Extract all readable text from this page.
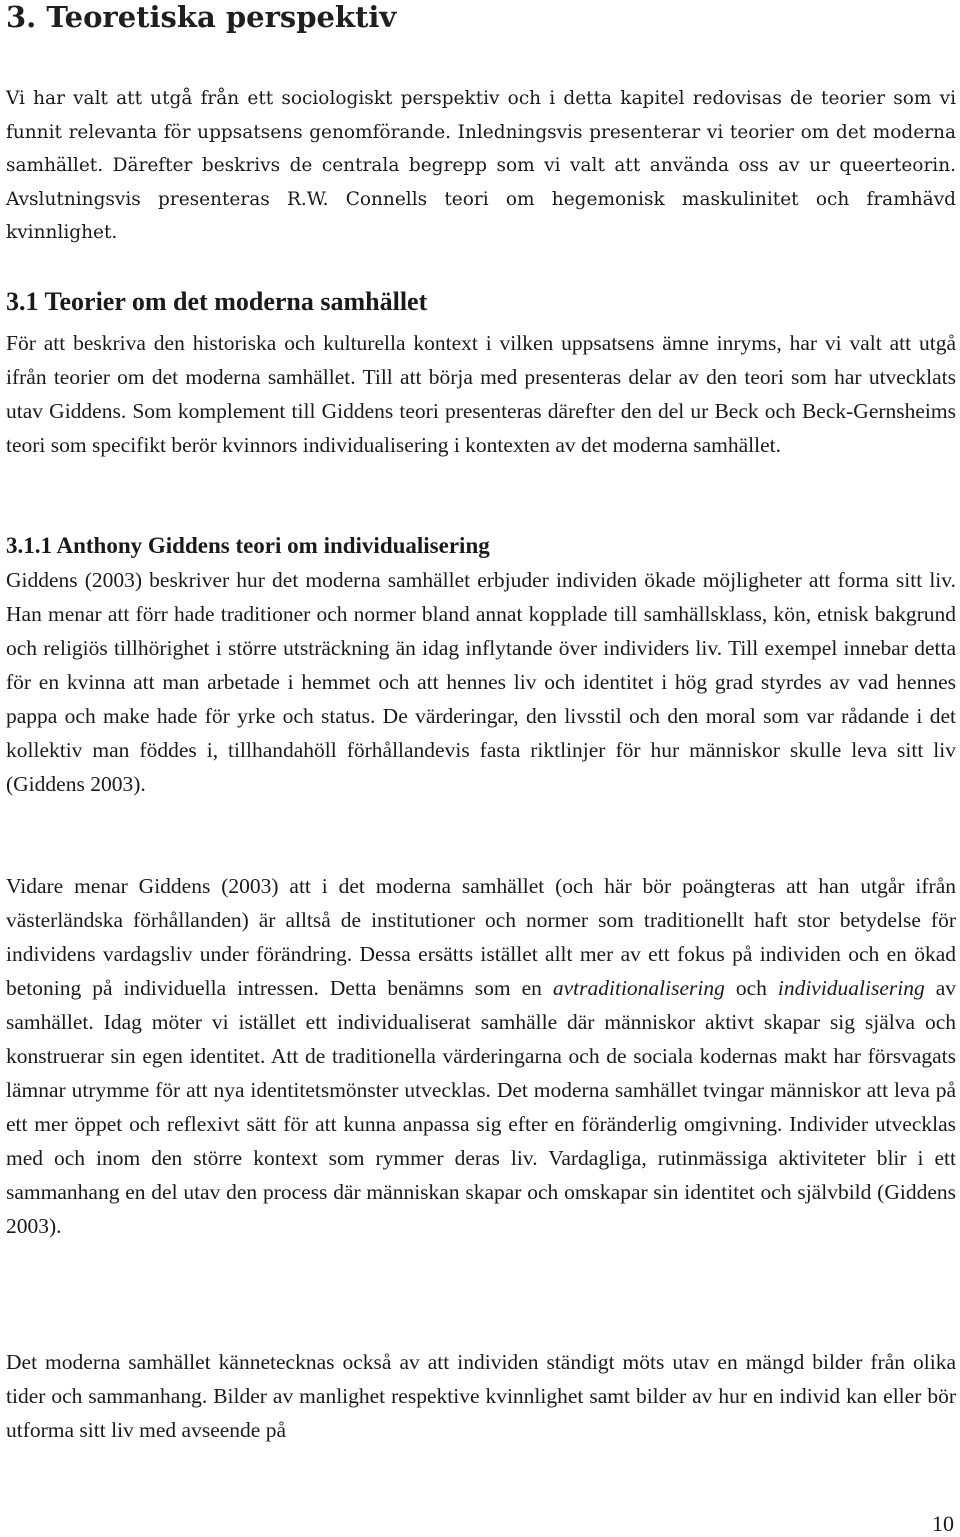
3. Teoretiska perspektiv

Vi har valt att utgå från ett sociologiskt perspektiv och i detta kapitel redovisas de teorier som vi funnit relevanta för uppsatsens genomförande. Inledningsvis presenterar vi teorier om det moderna samhället. Därefter beskrivs de centrala begrepp som vi valt att använda oss av ur queerteorin. Avslutningsvis presenteras R.W. Connells teori om hegemonisk maskulinitet och framhävd kvinnlighet.

3.1 Teorier om det moderna samhället

För att beskriva den historiska och kulturella kontext i vilken uppsatsens ämne inryms, har vi valt att utgå ifrån teorier om det moderna samhället. Till att börja med presenteras delar av den teori som har utvecklats utav Giddens. Som komplement till Giddens teori presenteras därefter den del ur Beck och Beck-Gernsheims teori som specifikt berör kvinnors individualisering i kontexten av det moderna samhället.

3.1.1 Anthony Giddens teori om individualisering

Giddens (2003) beskriver hur det moderna samhället erbjuder individen ökade möjligheter att forma sitt liv. Han menar att förr hade traditioner och normer bland annat kopplade till samhällsklass, kön, etnisk bakgrund och religiös tillhörighet i större utsträckning än idag inflytande över individers liv. Till exempel innebar detta för en kvinna att man arbetade i hemmet och att hennes liv och identitet i hög grad styrdes av vad hennes pappa och make hade för yrke och status. De värderingar, den livsstil och den moral som var rådande i det kollektiv man föddes i, tillhandahöll förhållandevis fasta riktlinjer för hur människor skulle leva sitt liv (Giddens 2003).

Vidare menar Giddens (2003) att i det moderna samhället (och här bör poängteras att han utgår ifrån västerländska förhållanden) är alltså de institutioner och normer som traditionellt haft stor betydelse för individens vardagsliv under förändring. Dessa ersätts istället allt mer av ett fokus på individen och en ökad betoning på individuella intressen. Detta benämns som en avtraditionalisering och individualisering av samhället. Idag möter vi istället ett individualiserat samhälle där människor aktivt skapar sig själva och konstruerar sin egen identitet. Att de traditionella värderingarna och de sociala kodernas makt har försvagats lämnar utrymme för att nya identitetsmönster utvecklas. Det moderna samhället tvingar människor att leva på ett mer öppet och reflexivt sätt för att kunna anpassa sig efter en föränderlig omgivning. Individer utvecklas med och inom den större kontext som rymmer deras liv. Vardagliga, rutinmässiga aktiviteter blir i ett sammanhang en del utav den process där människan skapar och omskapar sin identitet och självbild (Giddens 2003).

Det moderna samhället kännetecknas också av att individen ständigt möts utav en mängd bilder från olika tider och sammanhang. Bilder av manlighet respektive kvinnlighet samt bilder av hur en individ kan eller bör utforma sitt liv med avseende på

10
